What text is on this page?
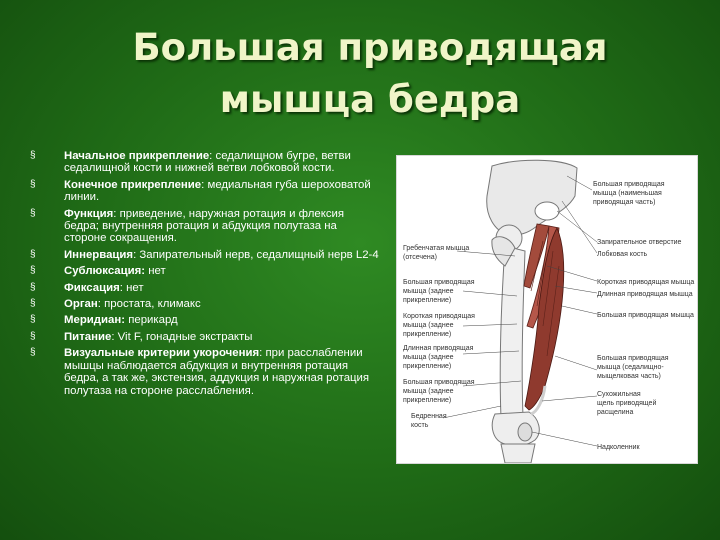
Большая приводящая
мышца бедра
§ Начальное прикрепление: седалищном бугре, ветви седалищной кости и нижней ветви лобковой кости.
§ Конечное прикрепление: медиальная губа шероховатой линии.
§ Функция: приведение, наружная ротация и флексия бедра; внутренняя ротация и абдукция полутаза на стороне сокращения.
§ Иннервация: Запирательный нерв, седалищный нерв L2-4
§ Сублюксация: нет
§ Фиксация: нет
§ Орган: простата, климакс
§ Меридиан: перикард
§ Питание: Vit F, гонадные экстракты
§ Визуальные критерии укорочения: при расслаблении мышцы наблюдается абдукция и внутренняя ротация бедра, а так же, экстензия, аддукция и наружная ротация полутаза на стороне расслабления.
Большая приводящая мышца (наименьшая приводящая часть)
Запирательное отверстие
Лобковая кость
Короткая приводящая мышца
Длинная приводящая мышца
Большая приводящая мышца
Большая приводящая мышца (седалищно-мыщелковая часть)
Сухожильная щель приводящей расщелина
Надколенник
Гребенчатая мышца (отсечена)
Большая приводящая мышца (заднее прикрепление)
Короткая приводящая мышца (заднее прикрепление)
Длинная приводящая мышца (заднее прикрепление)
Большая приводящая мышца (заднее прикрепление)
Бедренная кость
